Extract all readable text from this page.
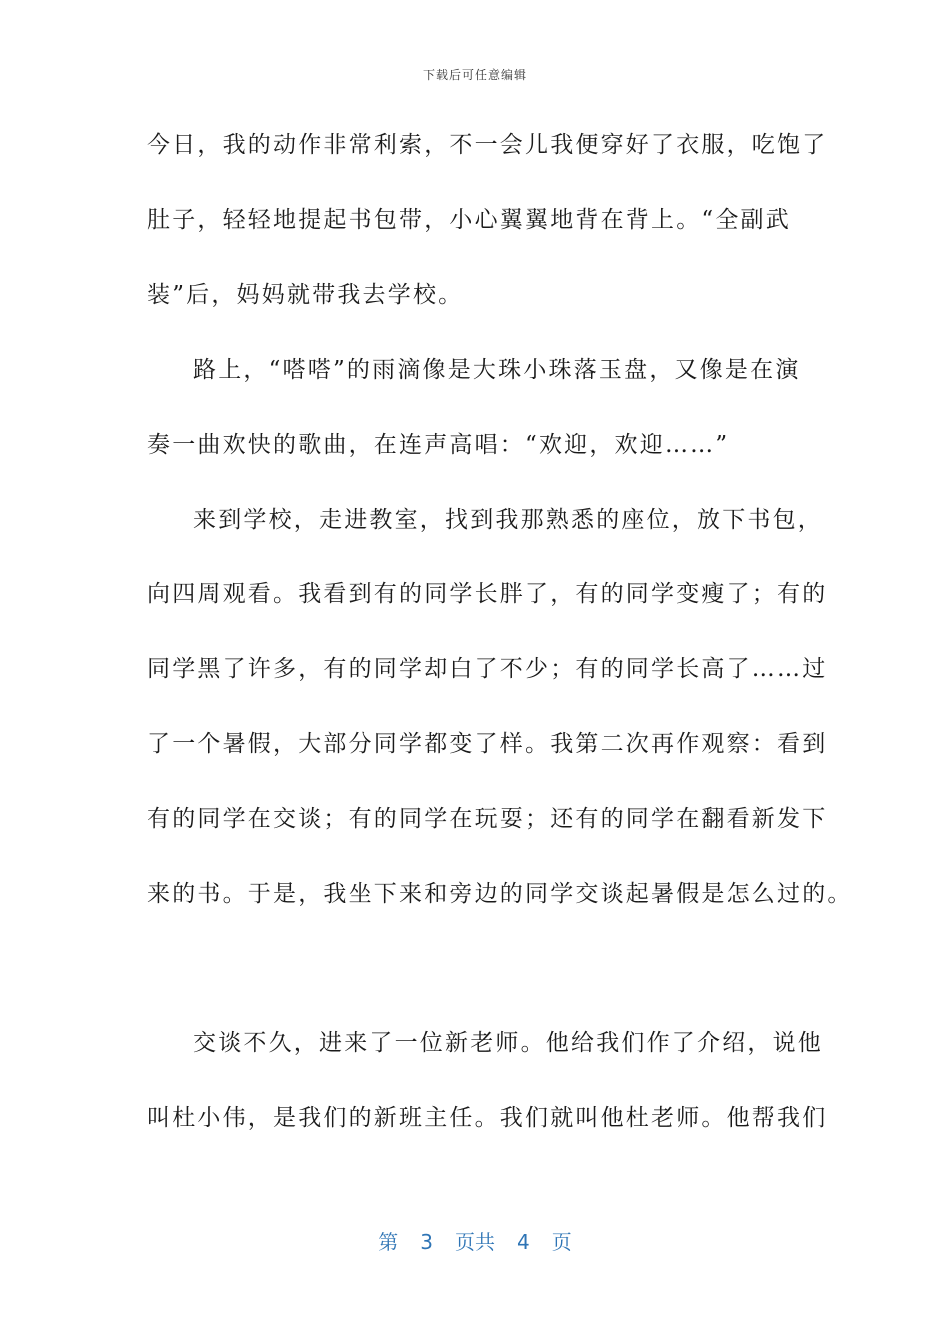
下载后可任意编辑
今日，我的动作非常利索，不一会儿我便穿好了衣服，吃饱了
肚子，轻轻地提起书包带，小心翼翼地背在背上。“全副武
装”后，妈妈就带我去学校。
路上，“嗒嗒”的雨滴像是大珠小珠落玉盘，又像是在演
奏一曲欢快的歌曲，在连声高唱：“欢迎，欢迎……”
来到学校，走进教室，找到我那熟悉的座位，放下书包，
向四周观看。我看到有的同学长胖了，有的同学变瘦了；有的
同学黑了许多，有的同学却白了不少；有的同学长高了……过
了一个暑假，大部分同学都变了样。我第二次再作观察：看到
有的同学在交谈；有的同学在玩耍；还有的同学在翻看新发下
来的书。于是，我坐下来和旁边的同学交谈起暑假是怎么过的。
交谈不久，进来了一位新老师。他给我们作了介绍，说他
叫杜小伟，是我们的新班主任。我们就叫他杜老师。他帮我们
第 3 页共 4 页
